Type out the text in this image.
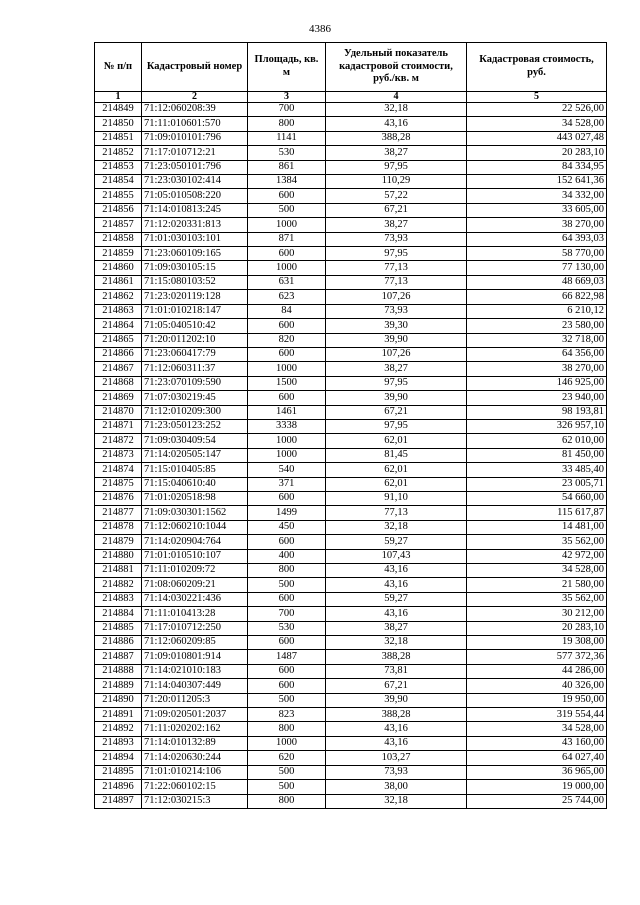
4386
№ п/п	Кадастровый номер	Площадь, кв. м	Удельный показатель кадастровой стоимости, руб./кв. м	Кадастровая стоимость, руб.
1	2	3	4	5
214849	71:12:060208:39	700	32,18	22 526,00
214850	71:11:010601:570	800	43,16	34 528,00
214851	71:09:010101:796	1141	388,28	443 027,48
214852	71:17:010712:21	530	38,27	20 283,10
214853	71:23:050101:796	861	97,95	84 334,95
214854	71:23:030102:414	1384	110,29	152 641,36
214855	71:05:010508:220	600	57,22	34 332,00
214856	71:14:010813:245	500	67,21	33 605,00
214857	71:12:020331:813	1000	38,27	38 270,00
214858	71:01:030103:101	871	73,93	64 393,03
214859	71:23:060109:165	600	97,95	58 770,00
214860	71:09:030105:15	1000	77,13	77 130,00
214861	71:15:080103:52	631	77,13	48 669,03
214862	71:23:020119:128	623	107,26	66 822,98
214863	71:01:010218:147	84	73,93	6 210,12
214864	71:05:040510:42	600	39,30	23 580,00
214865	71:20:011202:10	820	39,90	32 718,00
214866	71:23:060417:79	600	107,26	64 356,00
214867	71:12:060311:37	1000	38,27	38 270,00
214868	71:23:070109:590	1500	97,95	146 925,00
214869	71:07:030219:45	600	39,90	23 940,00
214870	71:12:010209:300	1461	67,21	98 193,81
214871	71:23:050123:252	3338	97,95	326 957,10
214872	71:09:030409:54	1000	62,01	62 010,00
214873	71:14:020505:147	1000	81,45	81 450,00
214874	71:15:010405:85	540	62,01	33 485,40
214875	71:15:040610:40	371	62,01	23 005,71
214876	71:01:020518:98	600	91,10	54 660,00
214877	71:09:030301:1562	1499	77,13	115 617,87
214878	71:12:060210:1044	450	32,18	14 481,00
214879	71:14:020904:764	600	59,27	35 562,00
214880	71:01:010510:107	400	107,43	42 972,00
214881	71:11:010209:72	800	43,16	34 528,00
214882	71:08:060209:21	500	43,16	21 580,00
214883	71:14:030221:436	600	59,27	35 562,00
214884	71:11:010413:28	700	43,16	30 212,00
214885	71:17:010712:250	530	38,27	20 283,10
214886	71:12:060209:85	600	32,18	19 308,00
214887	71:09:010801:914	1487	388,28	577 372,36
214888	71:14:021010:183	600	73,81	44 286,00
214889	71:14:040307:449	600	67,21	40 326,00
214890	71:20:011205:3	500	39,90	19 950,00
214891	71:09:020501:2037	823	388,28	319 554,44
214892	71:11:020202:162	800	43,16	34 528,00
214893	71:14:010132:89	1000	43,16	43 160,00
214894	71:14:020630:244	620	103,27	64 027,40
214895	71:01:010214:106	500	73,93	36 965,00
214896	71:22:060102:15	500	38,00	19 000,00
214897	71:12:030215:3	800	32,18	25 744,00
